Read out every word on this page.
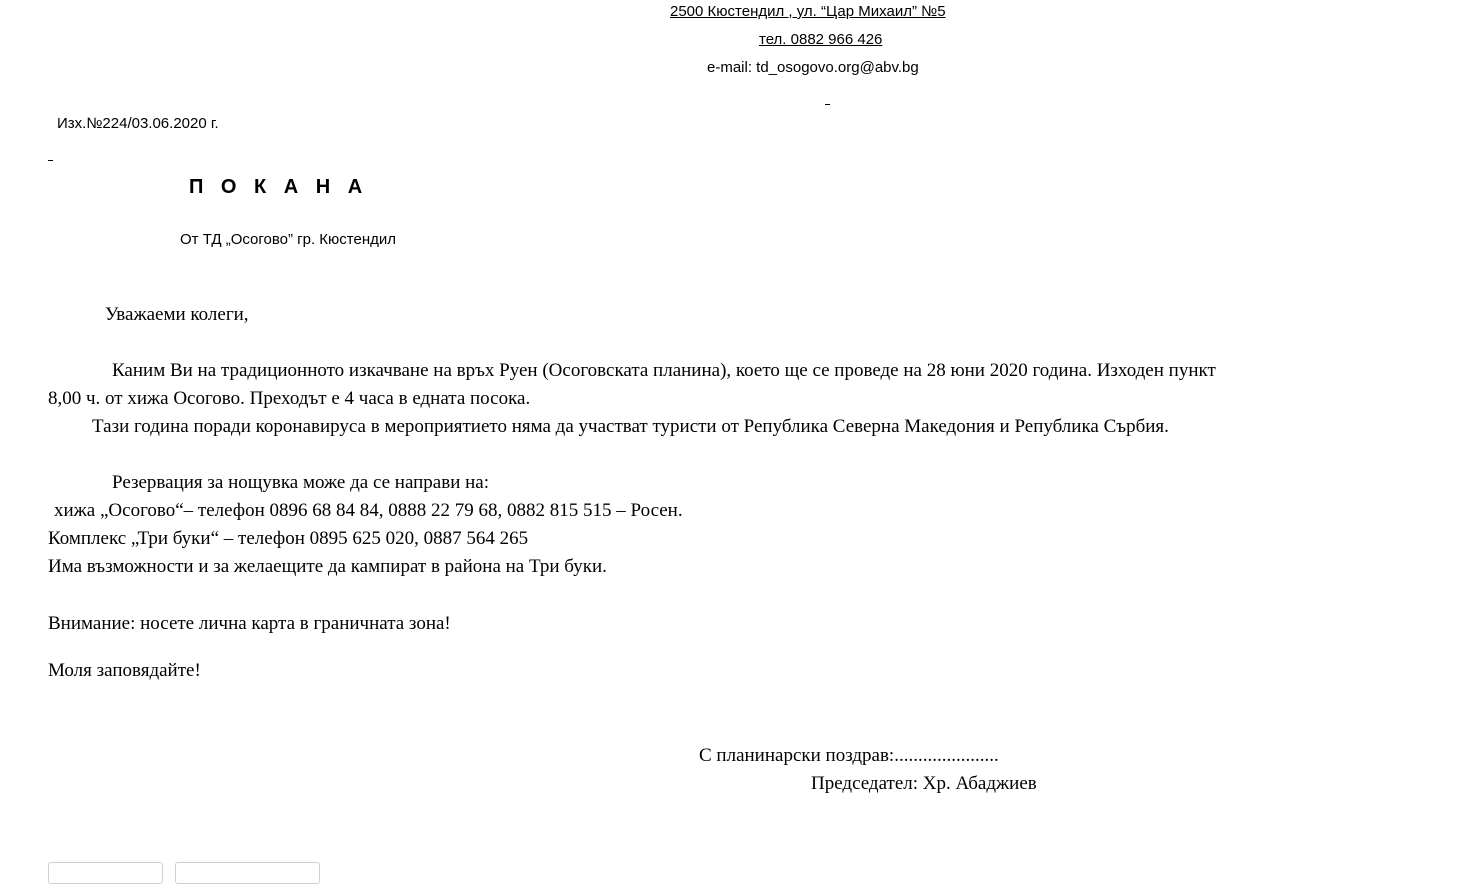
2500 Кюстендил , ул. “Цар Михаил” №5
тел. 0882 966 426
e-mail: td_osogovo.org@abv.bg
Изх.№224/03.06.2020 г.
П О К А Н А
От ТД „Осогово” гр. Кюстендил
Уважаеми колеги,
Каним Ви на традиционното изкачване на връх Руен (Осоговската планина), което ще се проведе на 28 юни 2020 година. Изходен пункт
8,00 ч. от хижа Осогово. Преходът е 4 часа в едната посока.
Тази година поради коронавируса в мероприятието няма да участват туристи от Република Северна Македония и Република Сърбия.
Резервация за нощувка може да се направи на:
хижа „Осогово“– телефон 0896 68 84 84, 0888 22 79 68, 0882 815 515 – Росен.
Комплекс „Три буки“ – телефон 0895 625 020, 0887 564 265
Има възможности и за желаещите да кампират в района на Три буки.
Внимание: носете лична карта в граничната зона!
Моля заповядайте!
С планинарски поздрав:......................
Председател: Хр. Абаджиев
